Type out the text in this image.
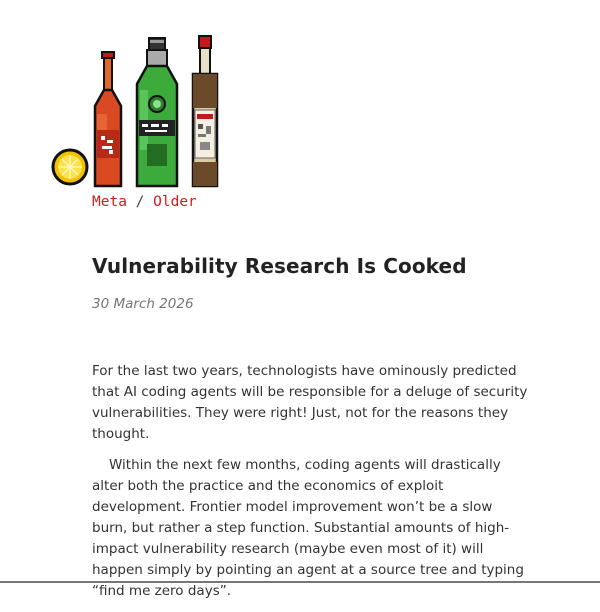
Meta / Older
Vulnerability Research Is Cooked
30 March 2026

For the last two years, technologists have ominously predicted that AI coding agents will be responsible for a deluge of security vulnerabilities. They were right! Just, not for the reasons they thought.

Within the next few months, coding agents will drastically alter both the practice and the economics of exploit development. Frontier model improvement won’t be a slow burn, but rather a step function. Substantial amounts of high-impact vulnerability research (maybe even most of it) will happen simply by pointing an agent at a source tree and typing “find me zero days”.
